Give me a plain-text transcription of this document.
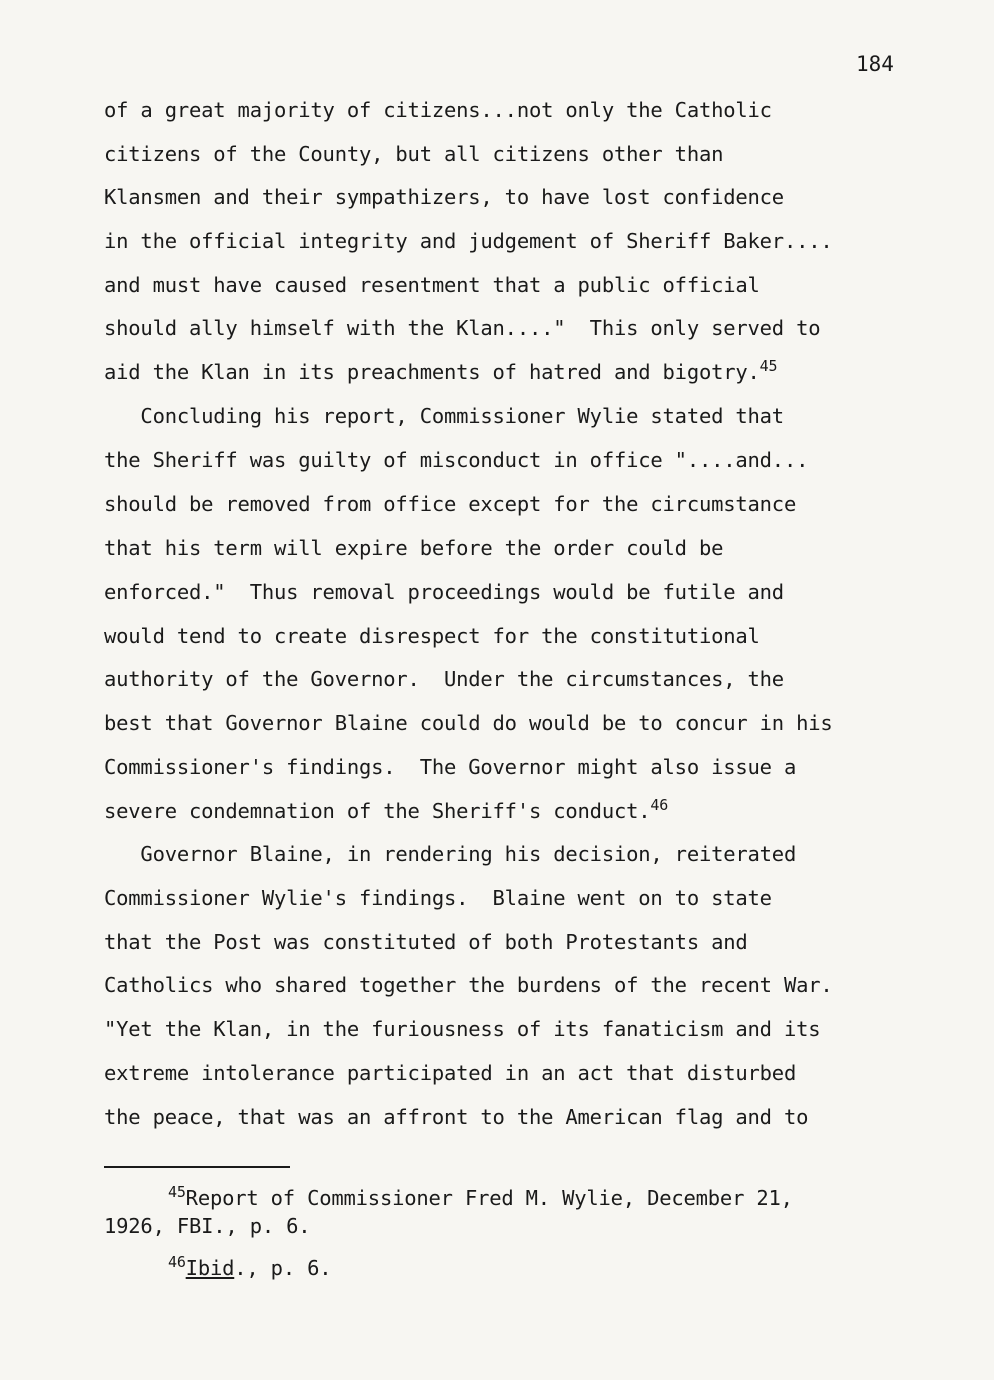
184
of a great majority of citizens...not only the Catholic
citizens of the County, but all citizens other than
Klansmen and their sympathizers, to have lost confidence
in the official integrity and judgement of Sheriff Baker....
and must have caused resentment that a public official
should ally himself with the Klan...."  This only served to
aid the Klan in its preachments of hatred and bigotry.$^{45}$
Concluding his report, Commissioner Wylie stated that
the Sheriff was guilty of misconduct in office "....and...
should be removed from office except for the circumstance
that his term will expire before the order could be
enforced."  Thus removal proceedings would be futile and
would tend to create disrespect for the constitutional
authority of the Governor.  Under the circumstances, the
best that Governor Blaine could do would be to concur in his
Commissioner's findings.  The Governor might also issue a
severe condemnation of the Sheriff's conduct.$^{46}$
Governor Blaine, in rendering his decision, reiterated
Commissioner Wylie's findings.  Blaine went on to state
that the Post was constituted of both Protestants and
Catholics who shared together the burdens of the recent War.
"Yet the Klan, in the furiousness of its fanaticism and its
extreme intolerance participated in an act that disturbed
the peace, that was an affront to the American flag and to
$^{45}$Report of Commissioner Fred M. Wylie, December 21,
1926, FBI., p. 6.
$^{46}$Ibid., p. 6.
